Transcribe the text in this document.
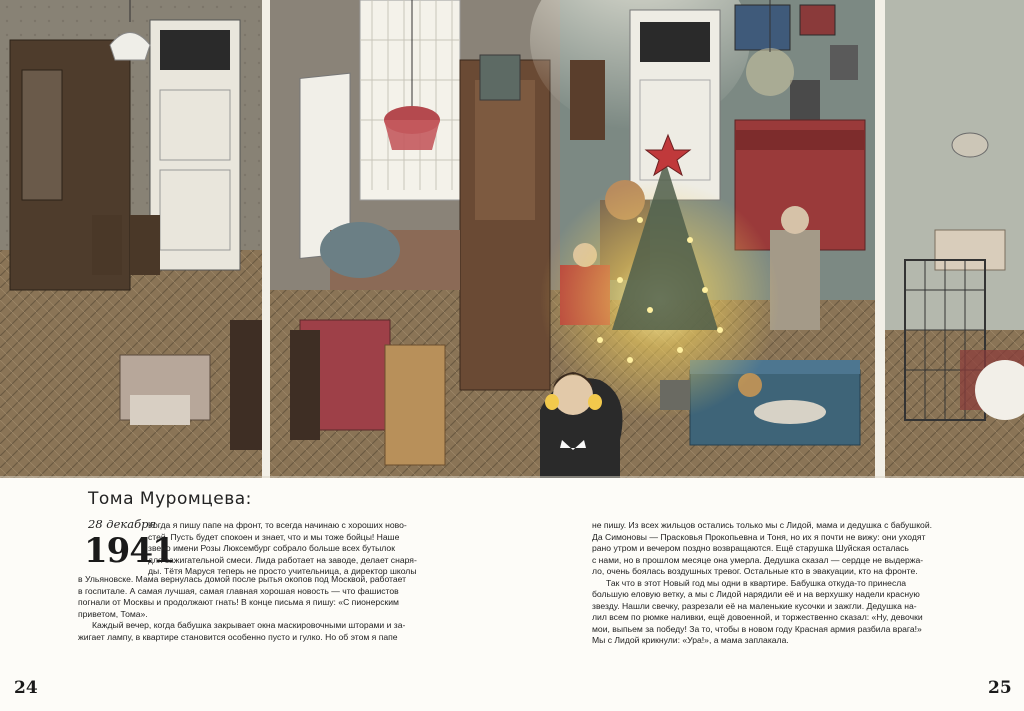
Тома Муромцева:
28 декабря
1941

Когда я пишу папе на фронт, то всегда начинаю с хороших ново-
стей. Пусть будет спокоен и знает, что и мы тоже бойцы! Наше
звено имени Розы Люксембург собрало больше всех бутылок
для зажигательной смеси. Лида работает на заводе, делает снаря-
ды. Тётя Маруся теперь не просто учительница, а директор школы

в Ульяновске. Мама вернулась домой после рытья окопов под Москвой, работает
в госпитале. А самая лучшая, самая главная хорошая новость — что фашистов
погнали от Москвы и продолжают гнать! В конце письма я пишу: «С пионерским
приветом, Тома».

Каждый вечер, когда бабушка закрывает окна маскировочными шторами и за-
жигает лампу, в квартире становится особенно пусто и гулко. Но об этом я папе

не пишу. Из всех жильцов остались только мы с Лидой, мама и дедушка с бабушкой.
Да Симоновы — Прасковья Прокопьевна и Тоня, но их я почти не вижу: они уходят
рано утром и вечером поздно возвращаются. Ещё старушка Шуйская осталась
с нами, но в прошлом месяце она умерла. Дедушка сказал — сердце не выдержа-
ло, очень боялась воздушных тревог. Остальные кто в эвакуации, кто на фронте.

Так что в этот Новый год мы одни в квартире. Бабушка откуда-то принесла
большую еловую ветку, а мы с Лидой нарядили её и на верхушку надели красную
звезду. Нашли свечку, разрезали её на маленькие кусочки и зажгли. Дедушка на-
лил всем по рюмке наливки, ещё довоенной, и торжественно сказал: «Ну, девочки
мои, выпьем за победу! За то, чтобы в новом году Красная армия разбила врага!»
Мы с Лидой крикнули: «Ура!», а мама заплакала.

24	25
